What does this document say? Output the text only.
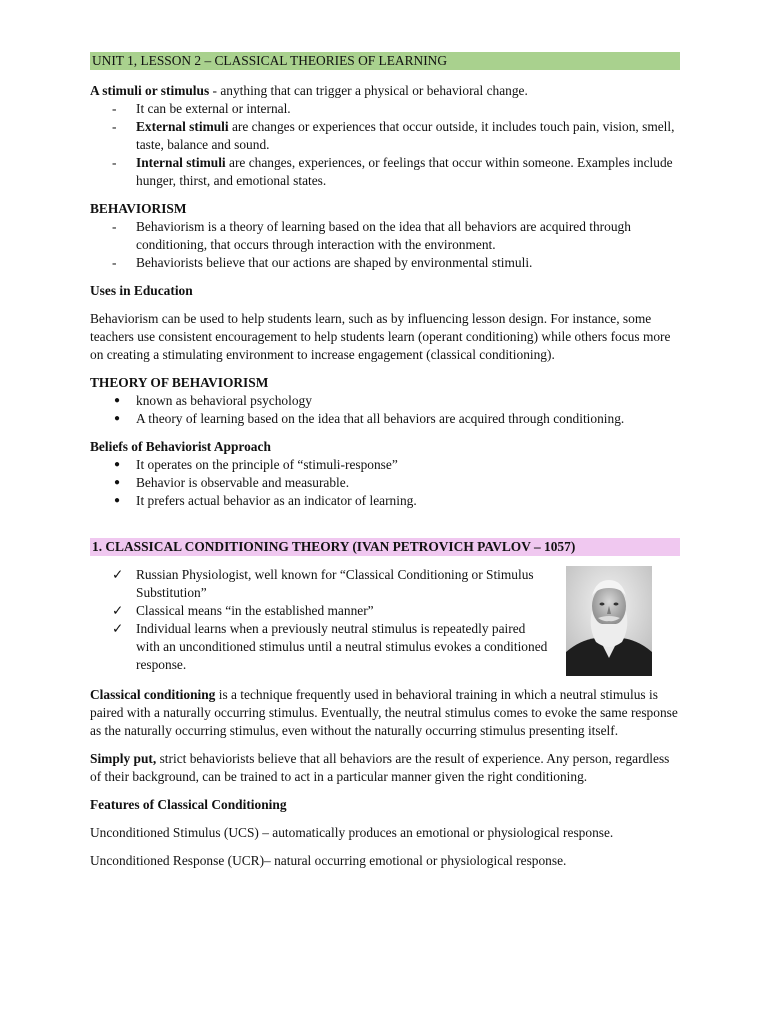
UNIT 1, LESSON 2 – CLASSICAL THEORIES OF LEARNING

A stimuli or stimulus - anything that can trigger a physical or behavioral change.

-	It can be external or internal.
-	External stimuli are changes or experiences that occur outside, it includes touch pain, vision, smell, taste, balance and sound.
-	Internal stimuli are changes, experiences, or feelings that occur within someone. Examples include hunger, thirst, and emotional states.

BEHAVIORISM

-	Behaviorism is a theory of learning based on the idea that all behaviors are acquired through conditioning, that occurs through interaction with the environment.
-	Behaviorists believe that our actions are shaped by environmental stimuli.

Uses in Education

Behaviorism can be used to help students learn, such as by influencing lesson design. For instance, some teachers use consistent encouragement to help students learn (operant conditioning) while others focus more on creating a stimulating environment to increase engagement (classical conditioning).

THEORY OF BEHAVIORISM

●	known as behavioral psychology
●	A theory of learning based on the idea that all behaviors are acquired through conditioning.

Beliefs of Behaviorist Approach

●	It operates on the principle of “stimuli-response”
●	Behavior is observable and measurable.
●	It prefers actual behavior as an indicator of learning.
1. CLASSICAL CONDITIONING THEORY (IVAN PETROVICH PAVLOV – 1057)
✓ Russian Physiologist, well known for “Classical Conditioning or Stimulus Substitution”
✓ Classical means “in the established manner”
✓ Individual learns when a previously neutral stimulus is repeatedly paired with an unconditioned stimulus until a neutral stimulus evokes a conditioned response.

Classical conditioning is a technique frequently used in behavioral training in which a neutral stimulus is paired with a naturally occurring stimulus. Eventually, the neutral stimulus comes to evoke the same response as the naturally occurring stimulus, even without the naturally occurring stimulus presenting itself.

Simply put, strict behaviorists believe that all behaviors are the result of experience. Any person, regardless of their background, can be trained to act in a particular manner given the right conditioning.

Features of Classical Conditioning

Unconditioned Stimulus (UCS) – automatically produces an emotional or physiological response.

Unconditioned Response (UCR)– natural occurring emotional or physiological response.
